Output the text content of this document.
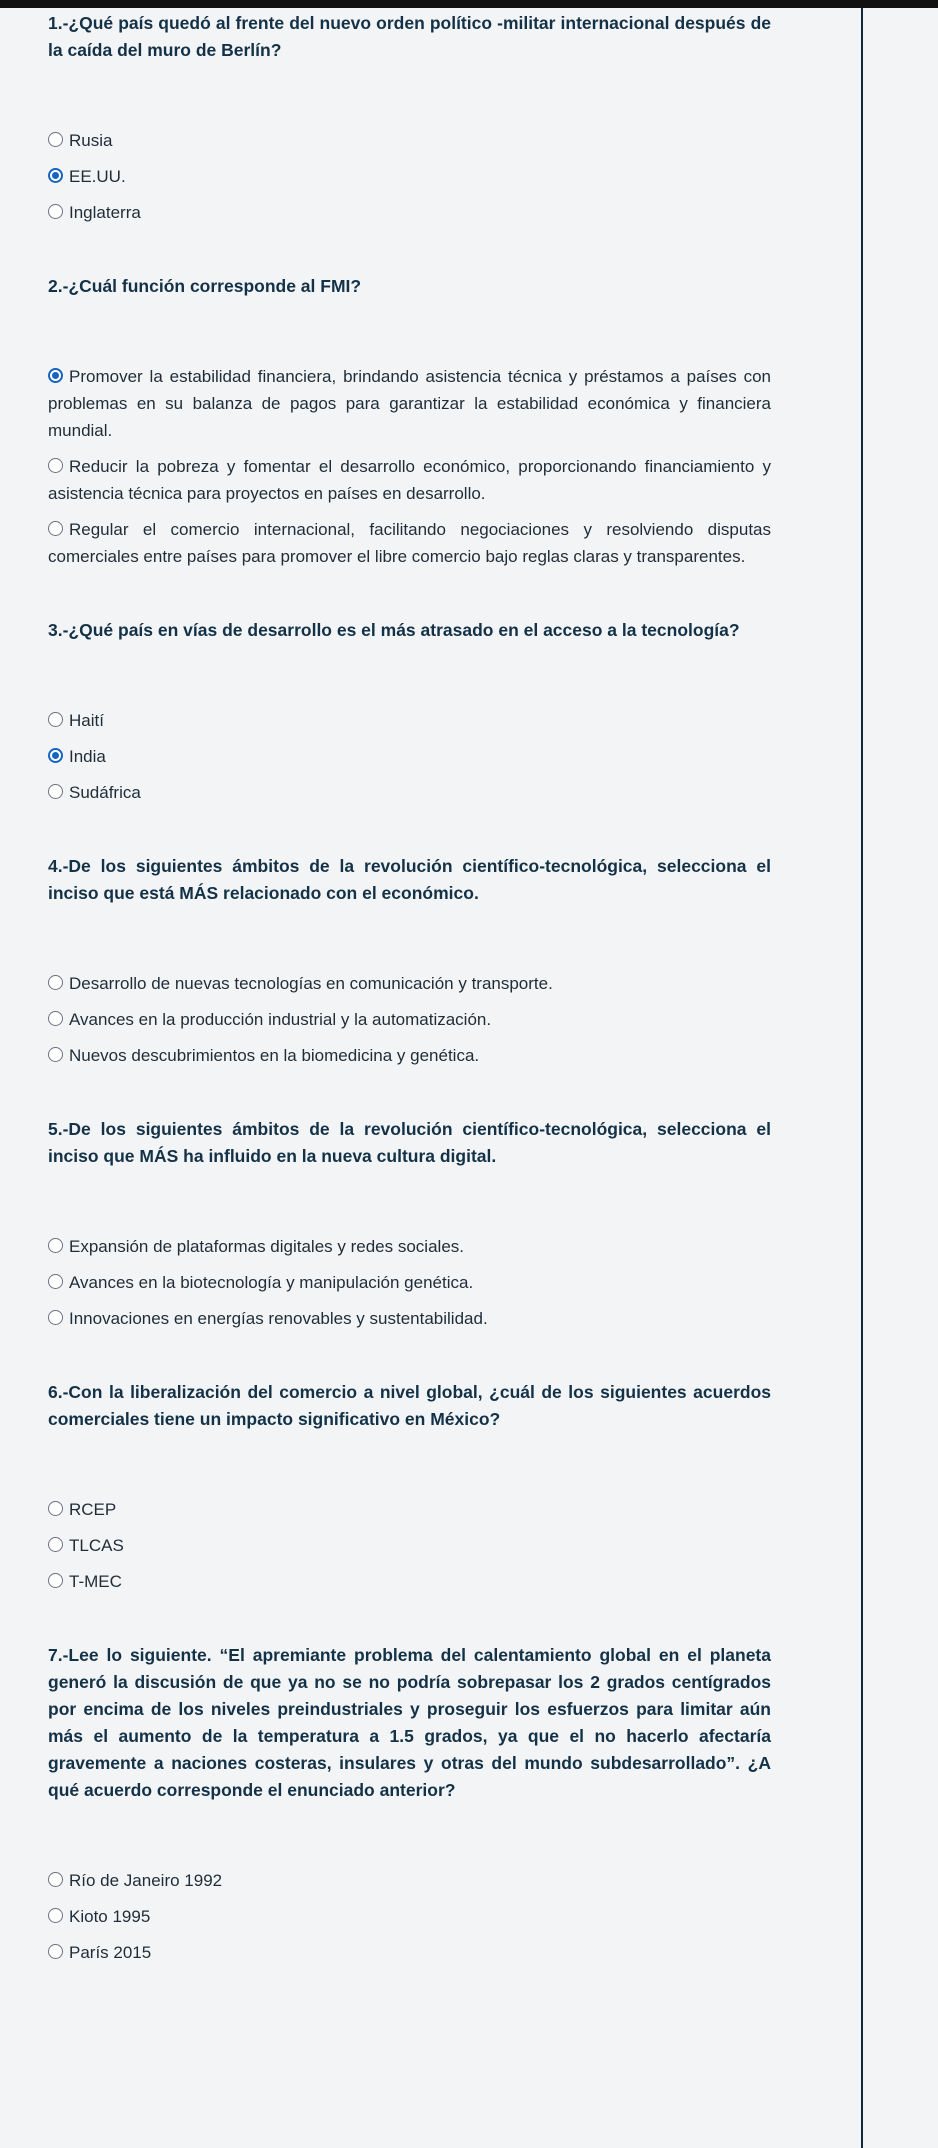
1.-¿Qué país quedó al frente del nuevo orden político -militar internacional después de la caída del muro de Berlín?

Rusia
EE.UU.
Inglaterra

2.-¿Cuál función corresponde al FMI?

Promover la estabilidad financiera, brindando asistencia técnica y préstamos a países con problemas en su balanza de pagos para garantizar la estabilidad económica y financiera mundial.
Reducir la pobreza y fomentar el desarrollo económico, proporcionando financiamiento y asistencia técnica para proyectos en países en desarrollo.
Regular el comercio internacional, facilitando negociaciones y resolviendo disputas comerciales entre países para promover el libre comercio bajo reglas claras y transparentes.

3.-¿Qué país en vías de desarrollo es el más atrasado en el acceso a la tecnología?

Haití
India
Sudáfrica

4.-De los siguientes ámbitos de la revolución científico-tecnológica, selecciona el inciso que está MÁS relacionado con el económico.

Desarrollo de nuevas tecnologías en comunicación y transporte.
Avances en la producción industrial y la automatización.
Nuevos descubrimientos en la biomedicina y genética.

5.-De los siguientes ámbitos de la revolución científico-tecnológica, selecciona el inciso que MÁS ha influido en la nueva cultura digital.

Expansión de plataformas digitales y redes sociales.
Avances en la biotecnología y manipulación genética.
Innovaciones en energías renovables y sustentabilidad.

6.-Con la liberalización del comercio a nivel global, ¿cuál de los siguientes acuerdos comerciales tiene un impacto significativo en México?

RCEP
TLCAS
T-MEC

7.-Lee lo siguiente. “El apremiante problema del calentamiento global en el planeta generó la discusión de que ya no se no podría sobrepasar los 2 grados centígrados por encima de los niveles preindustriales y proseguir los esfuerzos para limitar aún más el aumento de la temperatura a 1.5 grados, ya que el no hacerlo afectaría gravemente a naciones costeras, insulares y otras del mundo subdesarrollado”. ¿A qué acuerdo corresponde el enunciado anterior?

Río de Janeiro 1992
Kioto 1995
París 2015
